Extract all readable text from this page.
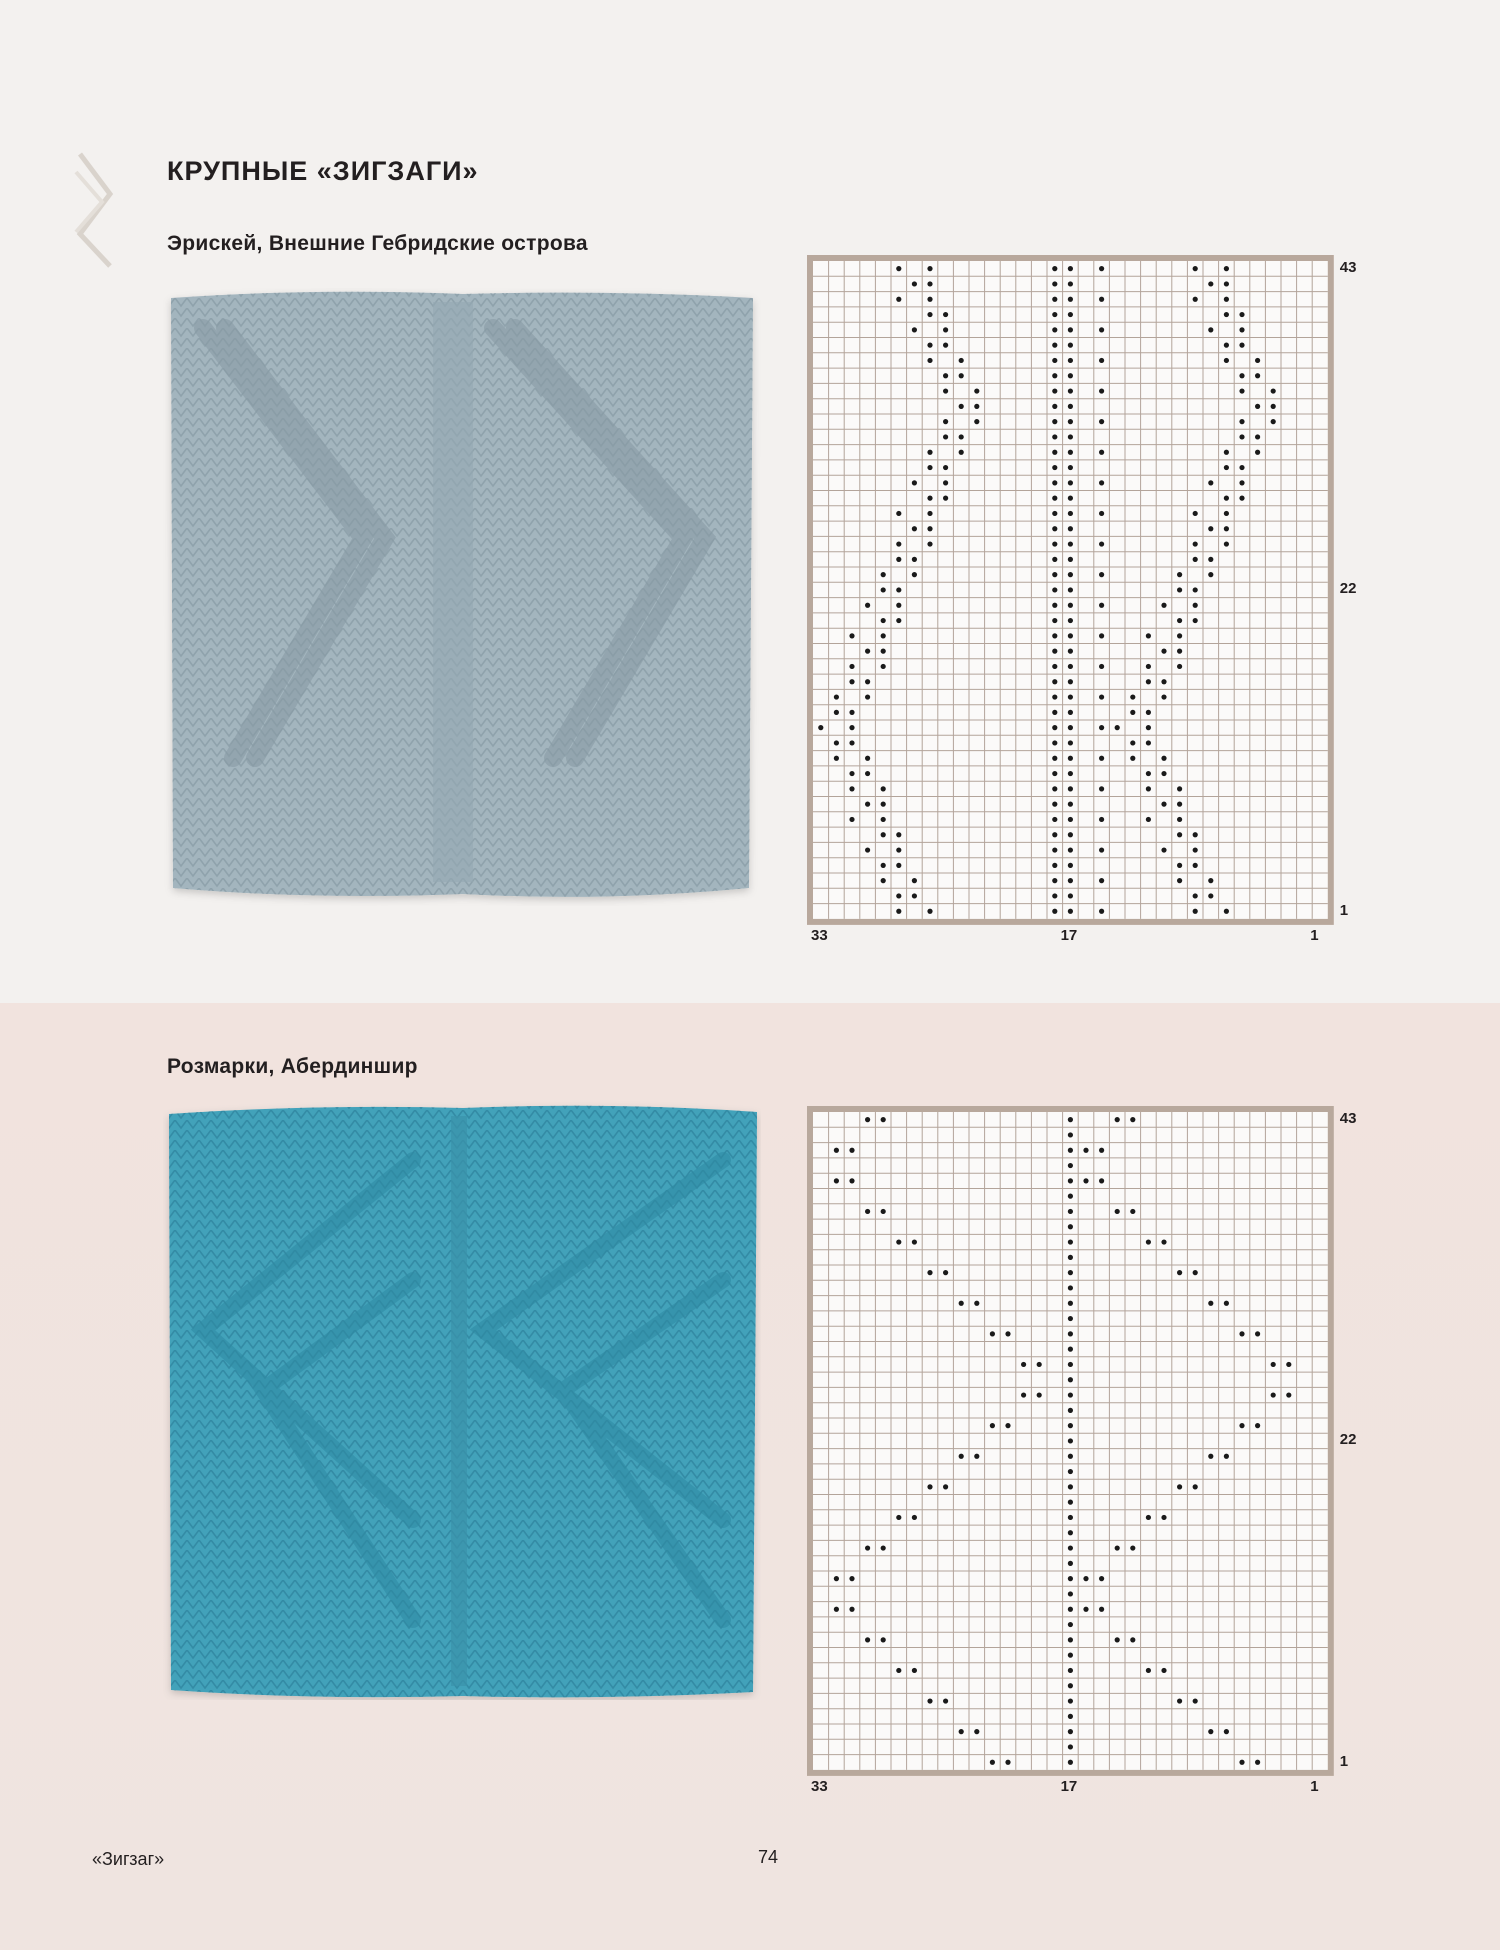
КРУПНЫЕ «ЗИГЗАГИ»
Эрискей, Внешние Гебридские острова
43
22
1
33	17	1
Розмарки, Абердиншир
43
22
1
33	17	1
«Зигзаг»	74
